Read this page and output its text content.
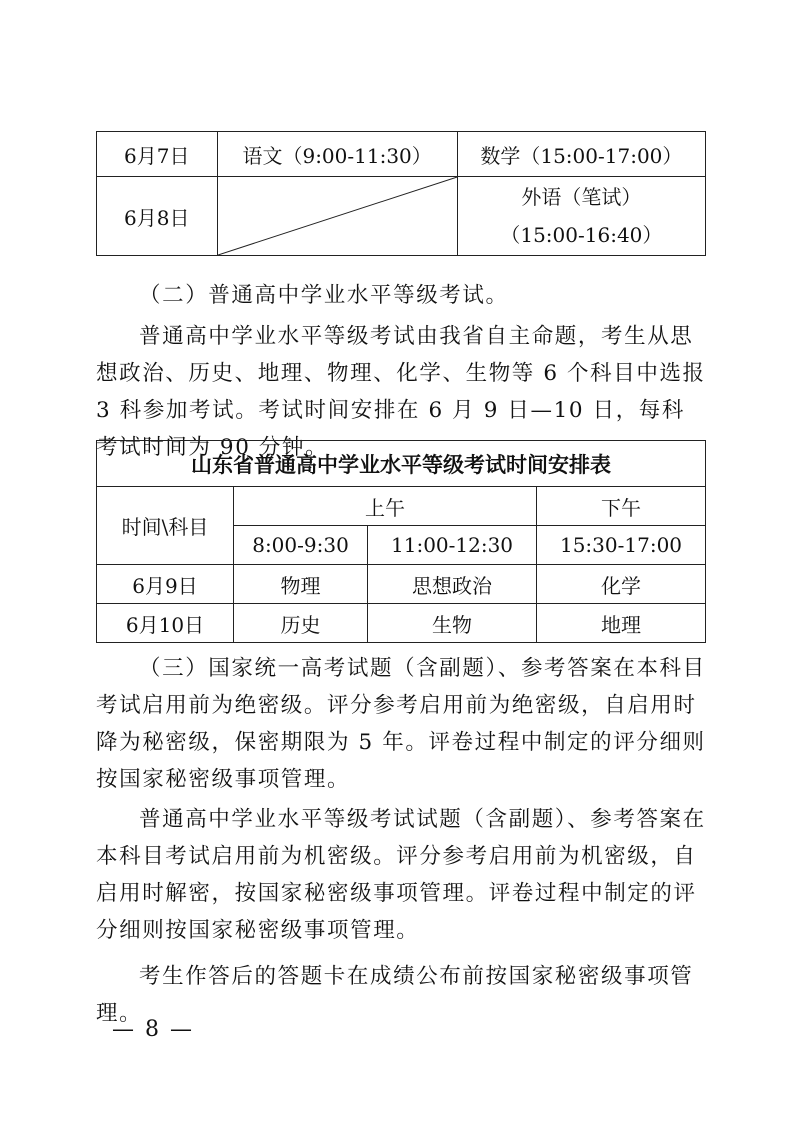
6月7日	语文（9:00-11:30）	数学（15:00-17:00）
6月8日		外语（笔试）
（15:00-16:40）
（二）普通高中学业水平等级考试。
普通高中学业水平等级考试由我省自主命题，考生从思想政治、历史、地理、物理、化学、生物等 6 个科目中选报 3 科参加考试。考试时间安排在 6 月 9 日—10 日，每科考试时间为 90 分钟。
山东省普通高中学业水平等级考试时间安排表			
时间\科目	上午		下午
	8:00-9:30	11:00-12:30	15:30-17:00
6月9日	物理	思想政治	化学
6月10日	历史	生物	地理
（三）国家统一高考试题（含副题）、参考答案在本科目考试启用前为绝密级。评分参考启用前为绝密级，自启用时降为秘密级，保密期限为 5 年。评卷过程中制定的评分细则按国家秘密级事项管理。
普通高中学业水平等级考试试题（含副题）、参考答案在本科目考试启用前为机密级。评分参考启用前为机密级，自启用时解密，按国家秘密级事项管理。评卷过程中制定的评分细则按国家秘密级事项管理。
考生作答后的答题卡在成绩公布前按国家秘密级事项管理。
— 8 —
